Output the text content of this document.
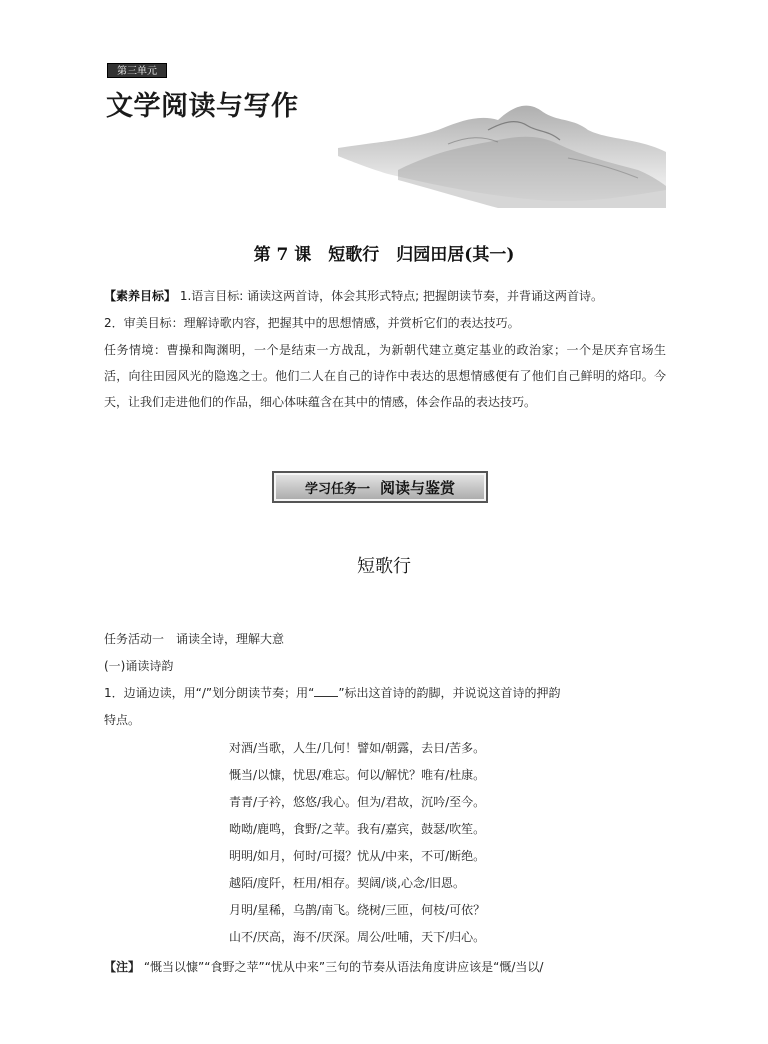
第三单元
文学阅读与写作
第 7 课　短歌行　归园田居(其一)

【素养目标】 1.语言目标: 诵读这两首诗，体会其形式特点; 把握朗读节奏，并背诵这两首诗。

2．审美目标：理解诗歌内容，把握其中的思想情感，并赏析它们的表达技巧。

任务情境：曹操和陶渊明，一个是结束一方战乱，为新朝代建立奠定基业的政治家；一个是厌弃官场生活，向往田园风光的隐逸之士。他们二人在自己的诗作中表达的思想情感便有了他们自己鲜明的烙印。今天，让我们走进他们的作品，细心体味蕴含在其中的情感，体会作品的表达技巧。

学习任务一 阅读与鉴赏
短歌行

任务活动一　诵读全诗，理解大意

(一)诵读诗韵

1．边诵边读，用“/”划分朗读节奏；用“ ”标出这首诗的韵脚，并说说这首诗的押韵

特点。

对酒/当歌，人生/几何！譬如/朝露，去日/苦多。

慨当/以慷，忧思/难忘。何以/解忧？唯有/杜康。

青青/子衿，悠悠/我心。但为/君故，沉吟/至今。

呦呦/鹿鸣，食野/之苹。我有/嘉宾，鼓瑟/吹笙。

明明/如月，何时/可掇？忧从/中来，不可/断绝。

越陌/度阡，枉用/相存。契阔/谈,心念/旧恩。

月明/星稀，乌鹊/南飞。绕树/三匝，何枝/可依？

山不/厌高，海不/厌深。周公/吐哺，天下/归心。

【注】 “慨当以慷”“食野之苹”“忧从中来”三句的节奏从语法角度讲应该是“慨/当以/
